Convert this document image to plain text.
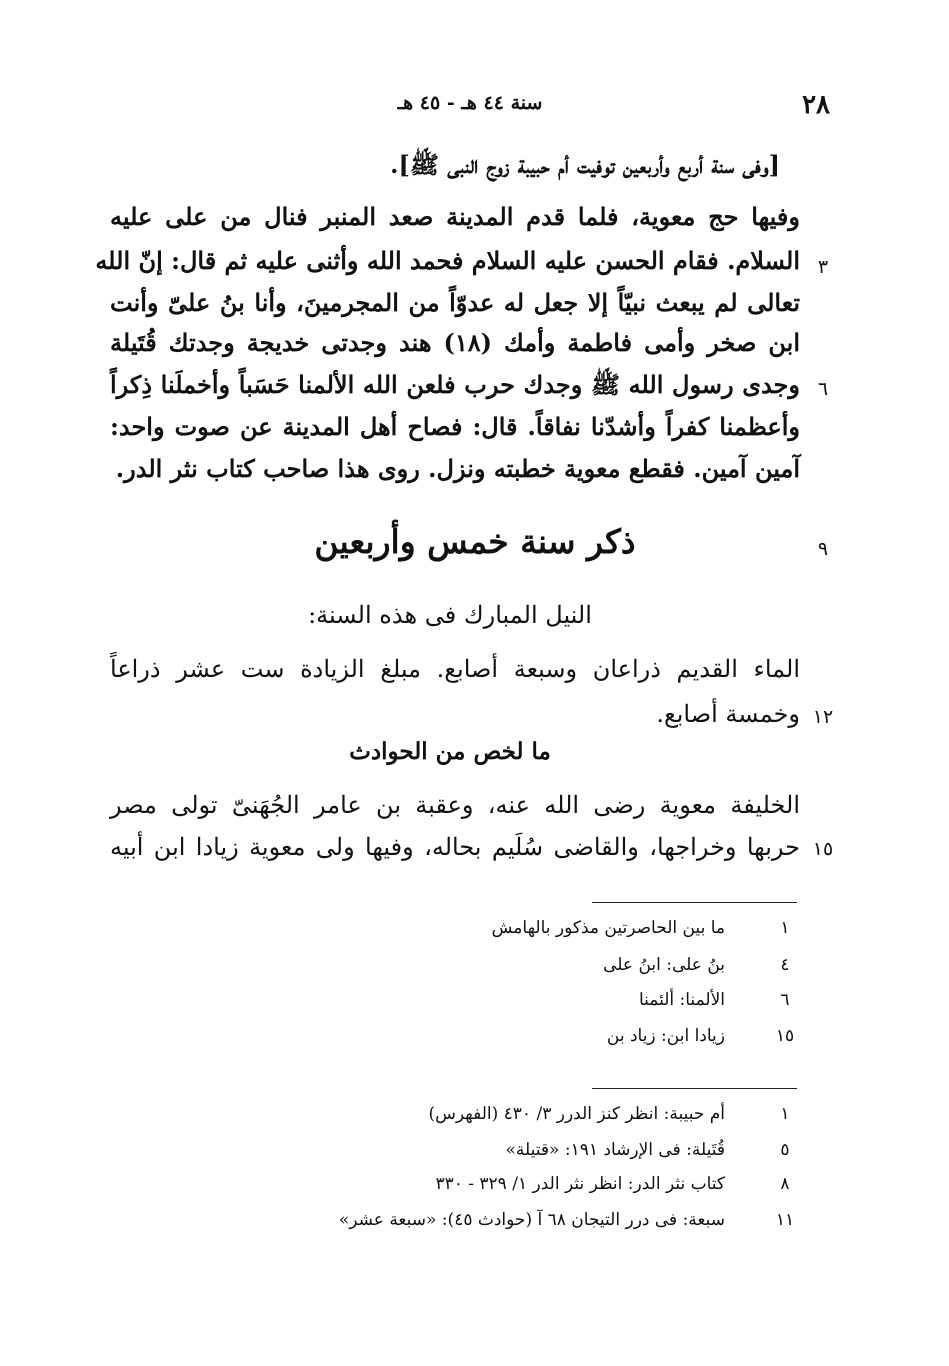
٢٨
سنة ٤٤ هـ - ٤٥ هـ
[وفى سنة أربع وأربعين توفيت أم حبيبة زوج النبى ﷺ].
وفيها حج معوية، فلما قدم المدينة صعد المنبر فنال من على عليه
السلام. فقام الحسن عليه السلام فحمد الله وأثنى عليه ثم قال: إنّ الله ٣
تعالى لم يبعث نبيّاً إلا جعل له عدوّاً من المجرمينَ، وأنا بنُ علىّ وأنت
ابن صخر وأمى فاطمة وأمك (١٨) هند وجدتى خديجة وجدتك قُتَيلة
وجدى رسول الله ﷺ وجدك حرب فلعن الله الألمنا حَسَباً وأخملَنا ذِكراً ٦
وأعظمنا كفراً وأشدّنا نفاقاً. قال: فصاح أهل المدينة عن صوت واحد:
آمين آمين. فقطع معوية خطبته ونزل. روى هذا صاحب كتاب نثر الدر.
ذكر سنة خمس وأربعين	٩
النيل المبارك فى هذه السنة:
الماء القديم ذراعان وسبعة أصابع. مبلغ الزيادة ست عشر ذراعاً
وخمسة أصابع. ١٢
ما لخص من الحوادث
الخليفة معوية رضى الله عنه، وعقبة بن عامر الجُهَنىّ تولى مصر
حربها وخراجها، والقاضى سُلَيم بحاله، وفيها ولى معوية زيادا ابن أبيه ١٥
١
ما بين الحاصرتين مذكور بالهامش
٤
بنُ على: ابنُ على
٦
الألمنا: ألئمنا
١٥
زيادا ابن: زياد بن
١
أم حبيبة: انظر كنز الدرر ٣/ ٤٣٠ (الفهرس)
٥
قُتَيلة: فى الإرشاد ١٩١: «قتيلة»
٨
كتاب نثر الدر: انظر نثر الدر ١/ ٣٢٩ - ٣٣٠
١١
سبعة: فى درر التيجان ٦٨ آ (حوادث ٤٥): «سبعة عشر»
